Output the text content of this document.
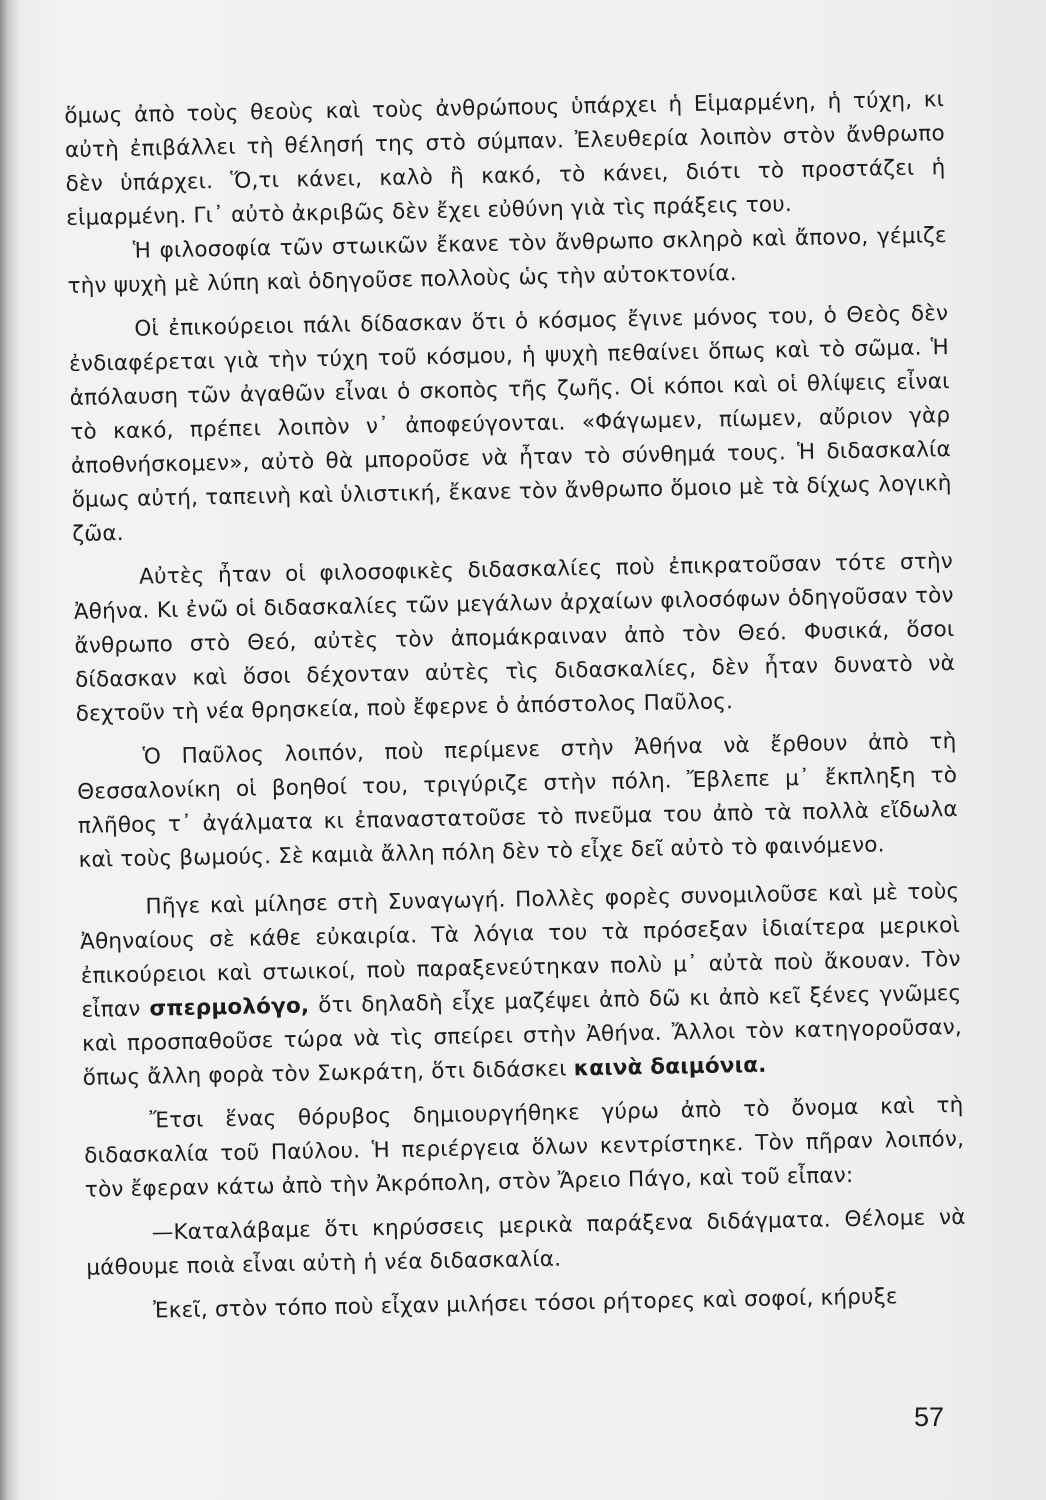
ὅμως ἀπὸ τοὺς θεοὺς καὶ τοὺς ἀνθρώπους ὑπάρχει ἡ Εἱμαρμένη, ἡ τύχη, κι αὐτὴ ἐπιβάλλει τὴ θέλησή της στὸ σύμπαν. Ἐλευθερία λοιπὸν στὸν ἄνθρωπο δὲν ὑπάρχει. Ὅ,τι κάνει, καλὸ ἢ κακό, τὸ κάνει, διότι τὸ προστάζει ἡ εἱμαρμένη. Γι᾽ αὐτὸ ἀκριβῶς δὲν ἔχει εὐθύνη γιὰ τὶς πράξεις του.

Ἡ φιλοσοφία τῶν στωικῶν ἔκανε τὸν ἄνθρωπο σκληρὸ καὶ ἄπονο, γέμιζε τὴν ψυχὴ μὲ λύπη καὶ ὁδηγοῦσε πολλοὺς ὡς τὴν αὐτοκτονία.

Οἱ ἐπικούρειοι πάλι δίδασκαν ὅτι ὁ κόσμος ἔγινε μόνος του, ὁ Θεὸς δὲν ἐνδιαφέρεται γιὰ τὴν τύχη τοῦ κόσμου, ἡ ψυχὴ πεθαίνει ὅπως καὶ τὸ σῶμα. Ἡ ἀπόλαυση τῶν ἀγαθῶν εἶναι ὁ σκοπὸς τῆς ζωῆς. Οἱ κόποι καὶ οἱ θλίψεις εἶναι τὸ κακό, πρέπει λοιπὸν ν᾽ ἀποφεύγονται. «Φάγωμεν, πίωμεν, αὔριον γὰρ ἀποθνήσκομεν», αὐτὸ θὰ μποροῦσε νὰ ἦταν τὸ σύνθημά τους. Ἡ διδασκαλία ὅμως αὐτή, ταπεινὴ καὶ ὑλιστική, ἔκανε τὸν ἄνθρωπο ὅμοιο μὲ τὰ δίχως λογικὴ ζῶα.

Αὐτὲς ἦταν οἱ φιλοσοφικὲς διδασκαλίες ποὺ ἐπικρατοῦσαν τότε στὴν Ἀθήνα. Κι ἐνῶ οἱ διδασκαλίες τῶν μεγάλων ἀρχαίων φιλοσόφων ὁδηγοῦσαν τὸν ἄνθρωπο στὸ Θεό, αὐτὲς τὸν ἀπομάκραιναν ἀπὸ τὸν Θεό. Φυσικά, ὅσοι δίδασκαν καὶ ὅσοι δέχονταν αὐτὲς τὶς διδασκαλίες, δὲν ἦταν δυνατὸ νὰ δεχτοῦν τὴ νέα θρησκεία, ποὺ ἔφερνε ὁ ἀπόστολος Παῦλος.

Ὁ Παῦλος λοιπόν, ποὺ περίμενε στὴν Ἀθήνα νὰ ἔρθουν ἀπὸ τὴ Θεσσαλονίκη οἱ βοηθοί του, τριγύριζε στὴν πόλη. Ἔβλεπε μ᾽ ἔκπληξη τὸ πλῆθος τ᾽ ἀγάλματα κι ἐπαναστατοῦσε τὸ πνεῦμα του ἀπὸ τὰ πολλὰ εἴδωλα καὶ τοὺς βωμούς. Σὲ καμιὰ ἄλλη πόλη δὲν τὸ εἶχε δεῖ αὐτὸ τὸ φαινόμενο.

Πῆγε καὶ μίλησε στὴ Συναγωγή. Πολλὲς φορὲς συνομιλοῦσε καὶ μὲ τοὺς Ἀθηναίους σὲ κάθε εὐκαιρία. Τὰ λόγια του τὰ πρόσεξαν ἰδιαίτερα μερικοὶ ἐπικούρειοι καὶ στωικοί, ποὺ παραξενεύτηκαν πολὺ μ᾽ αὐτὰ ποὺ ἄκουαν. Τὸν εἶπαν σπερμολόγο, ὅτι δηλαδὴ εἶχε μαζέψει ἀπὸ δῶ κι ἀπὸ κεῖ ξένες γνῶμες καὶ προσπαθοῦσε τώρα νὰ τὶς σπείρει στὴν Ἀθήνα. Ἄλλοι τὸν κατηγοροῦσαν, ὅπως ἄλλη φορὰ τὸν Σωκράτη, ὅτι διδάσκει καινὰ δαιμόνια.

Ἔτσι ἕνας θόρυβος δημιουργήθηκε γύρω ἀπὸ τὸ ὄνομα καὶ τὴ διδασκαλία τοῦ Παύλου. Ἡ περιέργεια ὅλων κεντρίστηκε. Τὸν πῆραν λοιπόν, τὸν ἔφεραν κάτω ἀπὸ τὴν Ἀκρόπολη, στὸν Ἄρειο Πάγο, καὶ τοῦ εἶπαν:

—Καταλάβαμε ὅτι κηρύσσεις μερικὰ παράξενα διδάγματα. Θέλομε νὰ μάθουμε ποιὰ εἶναι αὐτὴ ἡ νέα διδασκαλία.

Ἐκεῖ, στὸν τόπο ποὺ εἶχαν μιλήσει τόσοι ρήτορες καὶ σοφοί, κήρυξε

57
